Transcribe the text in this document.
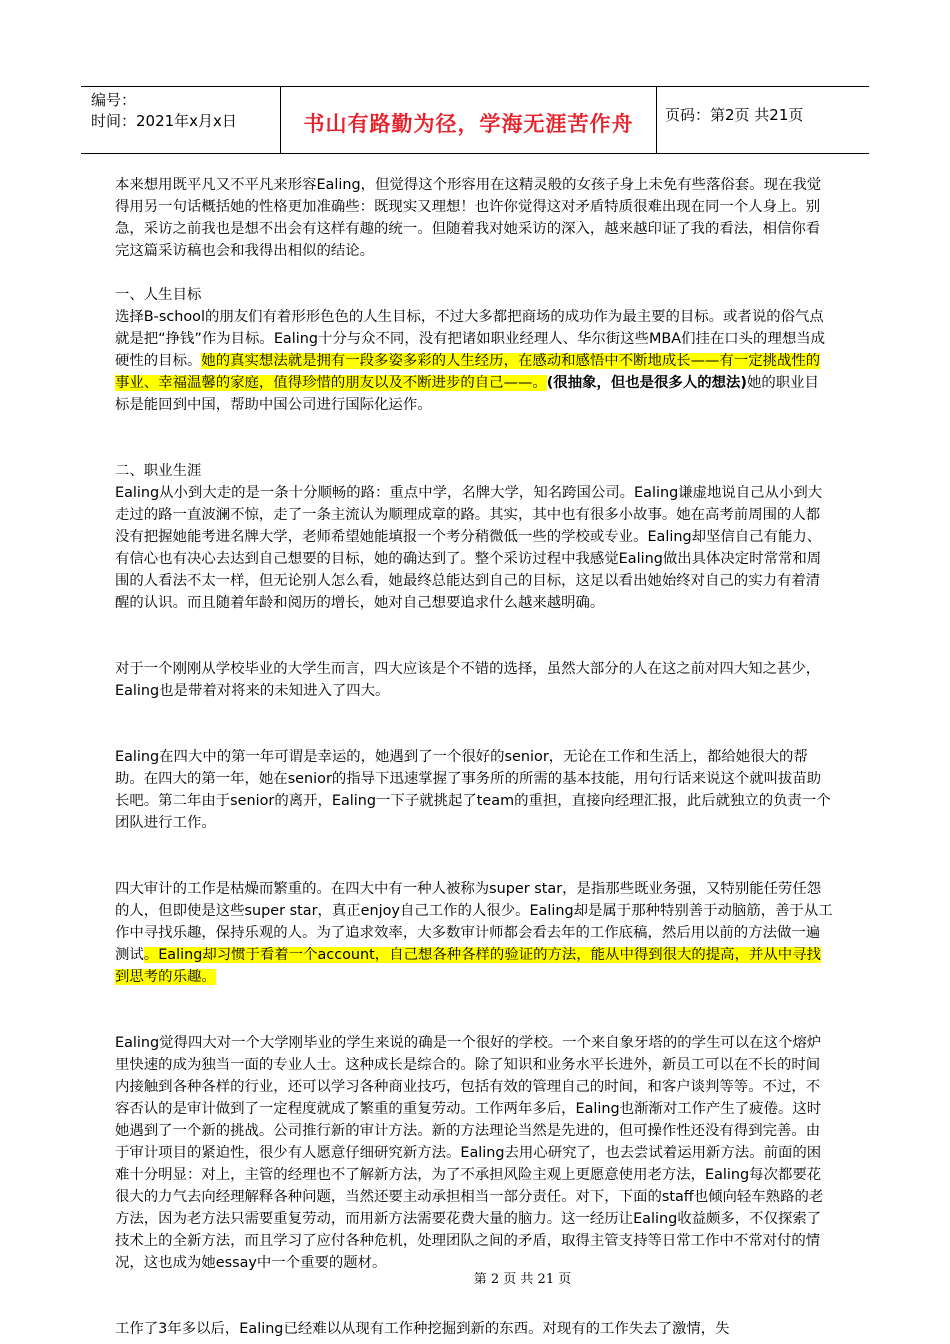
编号：
时间：2021年x月x日	书山有路勤为径，学海无涯苦作舟	页码：第2页 共21页

本来想用既平凡又不平凡来形容Ealing，但觉得这个形容用在这精灵般的女孩子身上未免有些落俗套。现在我觉得用另一句话概括她的性格更加准确些：既现实又理想！也许你觉得这对矛盾特质很难出现在同一个人身上。别急，采访之前我也是想不出会有这样有趣的统一。但随着我对她采访的深入，越来越印证了我的看法，相信你看完这篇采访稿也会和我得出相似的结论。

一、人生目标

选择B-school的朋友们有着形形色色的人生目标，不过大多都把商场的成功作为最主要的目标。或者说的俗气点就是把“挣钱”作为目标。Ealing十分与众不同，没有把诸如职业经理人、华尔街这些MBA们挂在口头的理想当成硬性的目标。她的真实想法就是拥有一段多姿多彩的人生经历，在感动和感悟中不断地成长——有一定挑战性的事业、幸福温馨的家庭，值得珍惜的朋友以及不断进步的自己——。(很抽象，但也是很多人的想法)她的职业目标是能回到中国，帮助中国公司进行国际化运作。

二、职业生涯

Ealing从小到大走的是一条十分顺畅的路：重点中学，名牌大学，知名跨国公司。Ealing谦虚地说自己从小到大走过的路一直波澜不惊，走了一条主流认为顺理成章的路。其实，其中也有很多小故事。她在高考前周围的人都没有把握她能考进名牌大学，老师希望她能填报一个考分稍微低一些的学校或专业。Ealing却坚信自己有能力、有信心也有决心去达到自己想要的目标，她的确达到了。整个采访过程中我感觉Ealing做出具体决定时常常和周围的人看法不太一样，但无论别人怎么看，她最终总能达到自己的目标，这足以看出她始终对自己的实力有着清醒的认识。而且随着年龄和阅历的增长，她对自己想要追求什么越来越明确。

对于一个刚刚从学校毕业的大学生而言，四大应该是个不错的选择，虽然大部分的人在这之前对四大知之甚少，Ealing也是带着对将来的未知进入了四大。

Ealing在四大中的第一年可谓是幸运的，她遇到了一个很好的senior，无论在工作和生活上，都给她很大的帮助。在四大的第一年，她在senior的指导下迅速掌握了事务所的所需的基本技能，用句行话来说这个就叫拔苗助长吧。第二年由于senior的离开，Ealing一下子就挑起了team的重担，直接向经理汇报，此后就独立的负责一个团队进行工作。

四大审计的工作是枯燥而繁重的。在四大中有一种人被称为super star，是指那些既业务强，又特别能任劳任怨的人，但即使是这些super star，真正enjoy自己工作的人很少。Ealing却是属于那种特别善于动脑筋，善于从工作中寻找乐趣，保持乐观的人。为了追求效率，大多数审计师都会看去年的工作底稿，然后用以前的方法做一遍测试。Ealing却习惯于看着一个account，自己想各种各样的验证的方法，能从中得到很大的提高，并从中寻找到思考的乐趣。

Ealing觉得四大对一个大学刚毕业的学生来说的确是一个很好的学校。一个来自象牙塔的的学生可以在这个熔炉里快速的成为独当一面的专业人士。这种成长是综合的。除了知识和业务水平长进外，新员工可以在不长的时间内接触到各种各样的行业，还可以学习各种商业技巧，包括有效的管理自己的时间，和客户谈判等等。不过，不容否认的是审计做到了一定程度就成了繁重的重复劳动。工作两年多后，Ealing也渐渐对工作产生了疲倦。这时她遇到了一个新的挑战。公司推行新的审计方法。新的方法理论当然是先进的，但可操作性还没有得到完善。由于审计项目的紧迫性，很少有人愿意仔细研究新方法。Ealing去用心研究了，也去尝试着运用新方法。前面的困难十分明显：对上，主管的经理也不了解新方法，为了不承担风险主观上更愿意使用老方法，Ealing每次都要花很大的力气去向经理解释各种问题，当然还要主动承担相当一部分责任。对下，下面的staff也倾向轻车熟路的老方法，因为老方法只需要重复劳动，而用新方法需要花费大量的脑力。这一经历让Ealing收益颇多，不仅探索了技术上的全新方法，而且学习了应付各种危机，处理团队之间的矛盾，取得主管支持等日常工作中不常对付的情况，这也成为她essay中一个重要的题材。

工作了3年多以后，Ealing已经难以从现有工作种挖掘到新的东西。对现有的工作失去了激情，失

第 2 页 共 21 页
